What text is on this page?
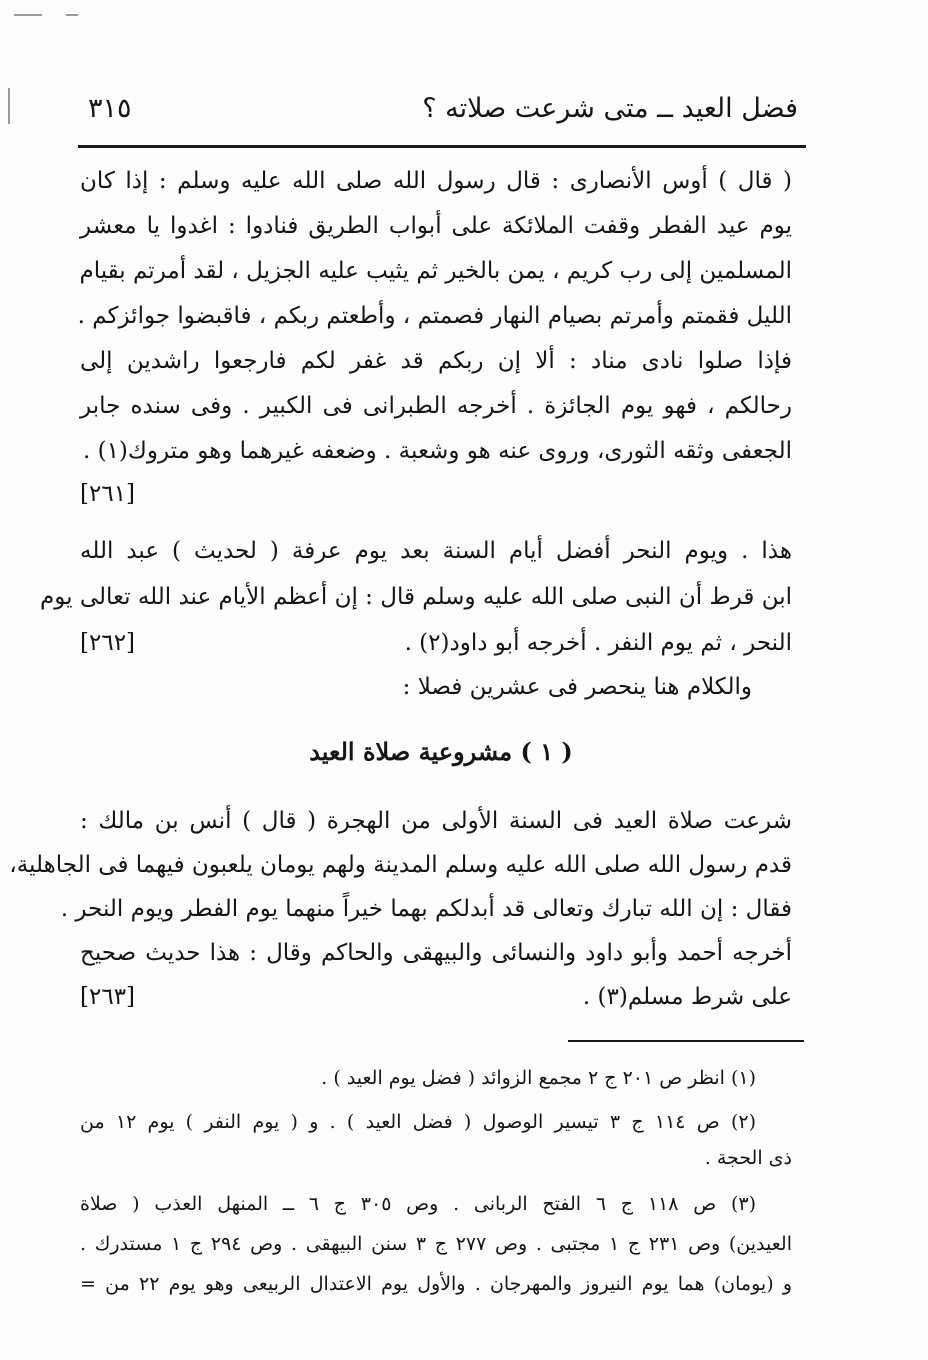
فضل العيد ــ متى شرعت صلاته ؟
٣١٥
( قال ) أوس الأنصارى : قال رسول الله صلى الله عليه وسلم : إذا كان
يوم عيد الفطر وقفت الملائكة على أبواب الطريق فنادوا : اغدوا يا معشر
المسلمين إلى رب كريم ، يمن بالخير ثم يثيب عليه الجزيل ، لقد أمرتم بقيام
الليل فقمتم وأمرتم بصيام النهار فصمتم ، وأطعتم ربكم ، فاقبضوا جوائزكم .
فإذا صلوا نادى مناد : ألا إن ربكم قد غفر لكم فارجعوا راشدين إلى
رحالكم ، فهو يوم الجائزة . أخرجه الطبرانى فى الكبير . وفى سنده جابر
الجعفى وثقه الثورى، وروى عنه هو وشعبة . وضعفه غيرهما وهو متروك(١) .
[٢٦١]
هذا . ويوم النحر أفضل أيام السنة بعد يوم عرفة ( لحديث ) عبد الله
ابن قرط أن النبى صلى الله عليه وسلم قال : إن أعظم الأيام عند الله تعالى يوم
النحر ، ثم يوم النفر . أخرجه أبو داود(٢) .
[٢٦٢]
والكلام هنا ينحصر فى عشرين فصلا :
( ١ ) مشروعية صلاة العيد
شرعت صلاة العيد فى السنة الأولى من الهجرة ( قال ) أنس بن مالك :
قدم رسول الله صلى الله عليه وسلم المدينة ولهم يومان يلعبون فيهما فى الجاهلية،
فقال : إن الله تبارك وتعالى قد أبدلكم بهما خيراً منهما يوم الفطر ويوم النحر .
أخرجه أحمد وأبو داود والنسائى والبيهقى والحاكم وقال : هذا حديث صحيح
على شرط مسلم(٣) .
[٢٦٣]
(١) انظر ص ٢٠١ ج ٢ مجمع الزوائد ( فضل يوم العيد ) .
(٢) ص ١١٤ ج ٣ تيسير الوصول ( فضل العيد ) . و ( يوم النفر ) يوم ١٢ من
ذى الحجة .
(٣) ص ١١٨ ج ٦ الفتح الربانى . وص ٣٠٥ ج ٦ ــ المنهل العذب ( صلاة
العيدين) وص ٢٣١ ج ١ مجتبى . وص ٢٧٧ ج ٣ سنن البيهقى . وص ٢٩٤ ج ١ مستدرك .
و (يومان) هما يوم النيروز والمهرجان . والأول يوم الاعتدال الربيعى وهو يوم ٢٢ من =
